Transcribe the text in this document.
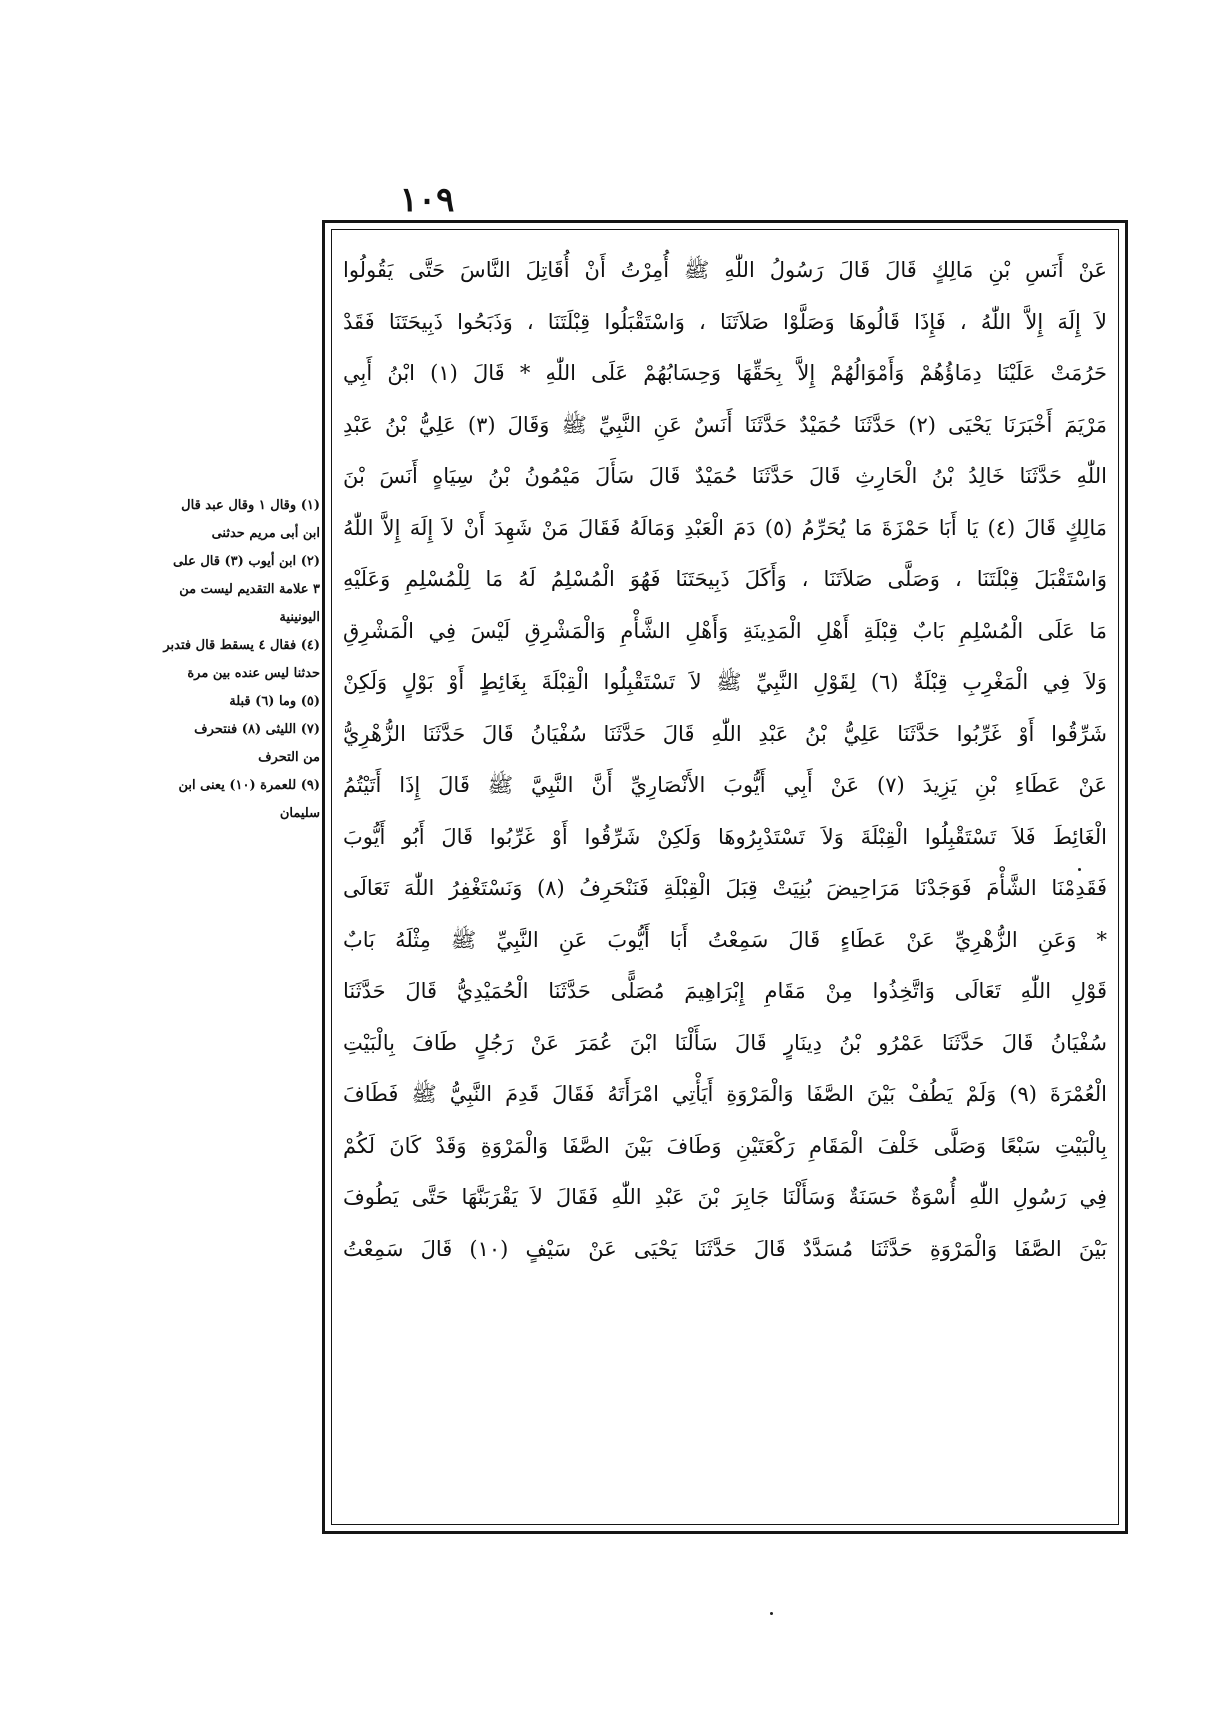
١٠٩
(١) وقال ١ وقال عبد قال
ابن أبى مريم حدثنى
(٢) ابن أيوب (٣) قال على
٣ علامة التقديم ليست من
اليونينية
(٤) فقال ٤ يسقط قال فتدبر
حدثنا ليس عنده بين مرة
(٥) وما (٦) قبلة
(٧) الليثى (٨) فنتحرف
من التحرف
(٩) للعمرة (١٠) يعنى ابن
سليمان
عَنْ أَنَسِ بْنِ مَالِكٍ قَالَ قَالَ رَسُولُ اللّٰهِ ﷺ أُمِرْتُ أَنْ أُقَاتِلَ النَّاسَ حَتَّى يَقُولُوا
لاَ إِلَهَ إِلاَّ اللّٰهُ ، فَإِذَا قَالُوهَا وَصَلَّوْا صَلاَتَنَا ، وَاسْتَقْبَلُوا قِبْلَتَنَا ، وَذَبَحُوا ذَبِيحَتَنَا فَقَدْ
حَرُمَتْ عَلَيْنَا دِمَاؤُهُمْ وَأَمْوَالُهُمْ إِلاَّ بِحَقِّهَا وَحِسَابُهُمْ عَلَى اللّٰهِ * قَالَ (١) ابْنُ أَبِي
مَرْيَمَ أَخْبَرَنَا يَحْيَى (٢) حَدَّثَنَا حُمَيْدٌ حَدَّثَنَا أَنَسٌ عَنِ النَّبِيِّ ﷺ وَقَالَ (٣) عَلِيُّ بْنُ عَبْدِ
اللّٰهِ حَدَّثَنَا خَالِدُ بْنُ الْحَارِثِ قَالَ حَدَّثَنَا حُمَيْدٌ قَالَ سَأَلَ مَيْمُونُ بْنُ سِيَاهٍ أَنَسَ بْنَ
مَالِكٍ قَالَ (٤) يَا أَبَا حَمْزَةَ مَا يُحَرِّمُ (٥) دَمَ الْعَبْدِ وَمَالَهُ فَقَالَ مَنْ شَهِدَ أَنْ لاَ إِلَهَ إِلاَّ اللّٰهُ
وَاسْتَقْبَلَ قِبْلَتَنَا ، وَصَلَّى صَلاَتَنَا ، وَأَكَلَ ذَبِيحَتَنَا فَهُوَ الْمُسْلِمُ لَهُ مَا لِلْمُسْلِمِ وَعَلَيْهِ
مَا عَلَى الْمُسْلِمِ بَابٌ قِبْلَةِ أَهْلِ الْمَدِينَةِ وَأَهْلِ الشَّأْمِ وَالْمَشْرِقِ لَيْسَ فِي الْمَشْرِقِ
وَلاَ فِي الْمَغْرِبِ قِبْلَةٌ (٦) لِقَوْلِ النَّبِيِّ ﷺ لاَ تَسْتَقْبِلُوا الْقِبْلَةَ بِغَائِطٍ أَوْ بَوْلٍ وَلَكِنْ
شَرِّقُوا أَوْ غَرِّبُوا حَدَّثَنَا عَلِيُّ بْنُ عَبْدِ اللّٰهِ قَالَ حَدَّثَنَا سُفْيَانُ قَالَ حَدَّثَنَا الزُّهْرِيُّ
عَنْ عَطَاءِ بْنِ يَزِيدَ (٧) عَنْ أَبِي أَيُّوبَ الأَنْصَارِيِّ أَنَّ النَّبِيَّ ﷺ قَالَ إِذَا أَتَيْتُمُ
الْغَائِطَ فَلاَ تَسْتَقْبِلُوا الْقِبْلَةَ وَلاَ تَسْتَدْبِرُوهَا وَلَكِنْ شَرِّقُوا أَوْ غَرِّبُوا قَالَ أَبُو أَيُّوبَ
فَقَدِمْنَا الشَّأْمَ فَوَجَدْنَا مَرَاحِيضَ بُنِيَتْ قِبَلَ الْقِبْلَةِ فَنَنْحَرِفُ (٨) وَنَسْتَغْفِرُ اللّٰهَ تَعَالَى
* وَعَنِ الزُّهْرِيِّ عَنْ عَطَاءٍ قَالَ سَمِعْتُ أَبَا أَيُّوبَ عَنِ النَّبِيِّ ﷺ مِثْلَهُ بَابٌ
قَوْلِ اللّٰهِ تَعَالَى وَاتَّخِذُوا مِنْ مَقَامِ إِبْرَاهِيمَ مُصَلًّى حَدَّثَنَا الْحُمَيْدِيُّ قَالَ حَدَّثَنَا
سُفْيَانُ قَالَ حَدَّثَنَا عَمْرُو بْنُ دِينَارٍ قَالَ سَأَلْنَا ابْنَ عُمَرَ عَنْ رَجُلٍ طَافَ بِالْبَيْتِ
الْعُمْرَةَ (٩) وَلَمْ يَطُفْ بَيْنَ الصَّفَا وَالْمَرْوَةِ أَيَأْتِي امْرَأَتَهُ فَقَالَ قَدِمَ النَّبِيُّ ﷺ فَطَافَ
بِالْبَيْتِ سَبْعًا وَصَلَّى خَلْفَ الْمَقَامِ رَكْعَتَيْنِ وَطَافَ بَيْنَ الصَّفَا وَالْمَرْوَةِ وَقَدْ كَانَ لَكُمْ
فِي رَسُولِ اللّٰهِ أُسْوَةٌ حَسَنَةٌ وَسَأَلْنَا جَابِرَ بْنَ عَبْدِ اللّٰهِ فَقَالَ لاَ يَقْرَبَنَّهَا حَتَّى يَطُوفَ
بَيْنَ الصَّفَا وَالْمَرْوَةِ حَدَّثَنَا مُسَدَّدٌ قَالَ حَدَّثَنَا يَحْيَى عَنْ سَيْفٍ (١٠) قَالَ سَمِعْتُ
